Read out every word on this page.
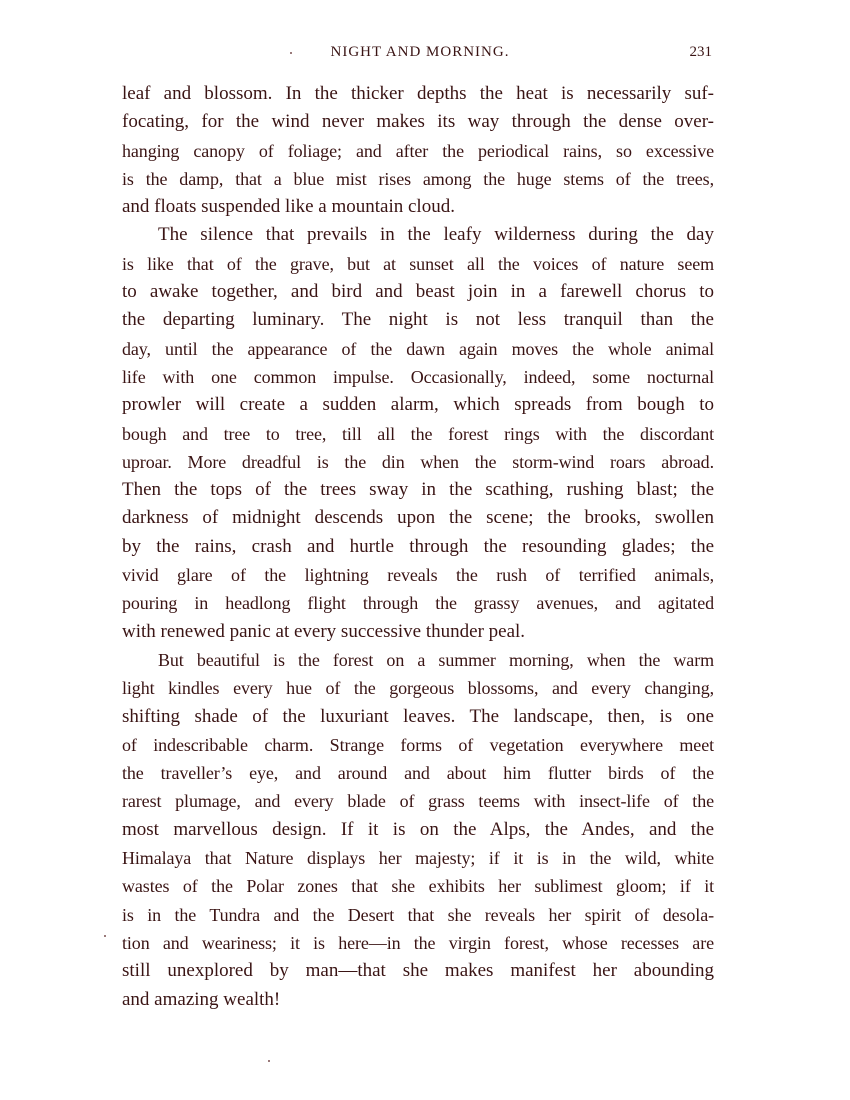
NIGHT AND MORNING.	231
leaf and blossom. In the thicker depths the heat is necessarily suf-
focating, for the wind never makes its way through the dense over-
hanging canopy of foliage; and after the periodical rains, so excessive
is the damp, that a blue mist rises among the huge stems of the trees,
and floats suspended like a mountain cloud.
The silence that prevails in the leafy wilderness during the day
is like that of the grave, but at sunset all the voices of nature seem
to awake together, and bird and beast join in a farewell chorus to
the departing luminary. The night is not less tranquil than the
day, until the appearance of the dawn again moves the whole animal
life with one common impulse. Occasionally, indeed, some nocturnal
prowler will create a sudden alarm, which spreads from bough to
bough and tree to tree, till all the forest rings with the discordant
uproar. More dreadful is the din when the storm-wind roars abroad.
Then the tops of the trees sway in the scathing, rushing blast; the
darkness of midnight descends upon the scene; the brooks, swollen
by the rains, crash and hurtle through the resounding glades; the
vivid glare of the lightning reveals the rush of terrified animals,
pouring in headlong flight through the grassy avenues, and agitated
with renewed panic at every successive thunder peal.
But beautiful is the forest on a summer morning, when the warm
light kindles every hue of the gorgeous blossoms, and every changing,
shifting shade of the luxuriant leaves. The landscape, then, is one
of indescribable charm. Strange forms of vegetation everywhere meet
the traveller’s eye, and around and about him flutter birds of the
rarest plumage, and every blade of grass teems with insect-life of the
most marvellous design. If it is on the Alps, the Andes, and the
Himalaya that Nature displays her majesty; if it is in the wild, white
wastes of the Polar zones that she exhibits her sublimest gloom; if it
is in the Tundra and the Desert that she reveals her spirit of desola-
tion and weariness; it is here—in the virgin forest, whose recesses are
still unexplored by man—that she makes manifest her abounding
and amazing wealth!
